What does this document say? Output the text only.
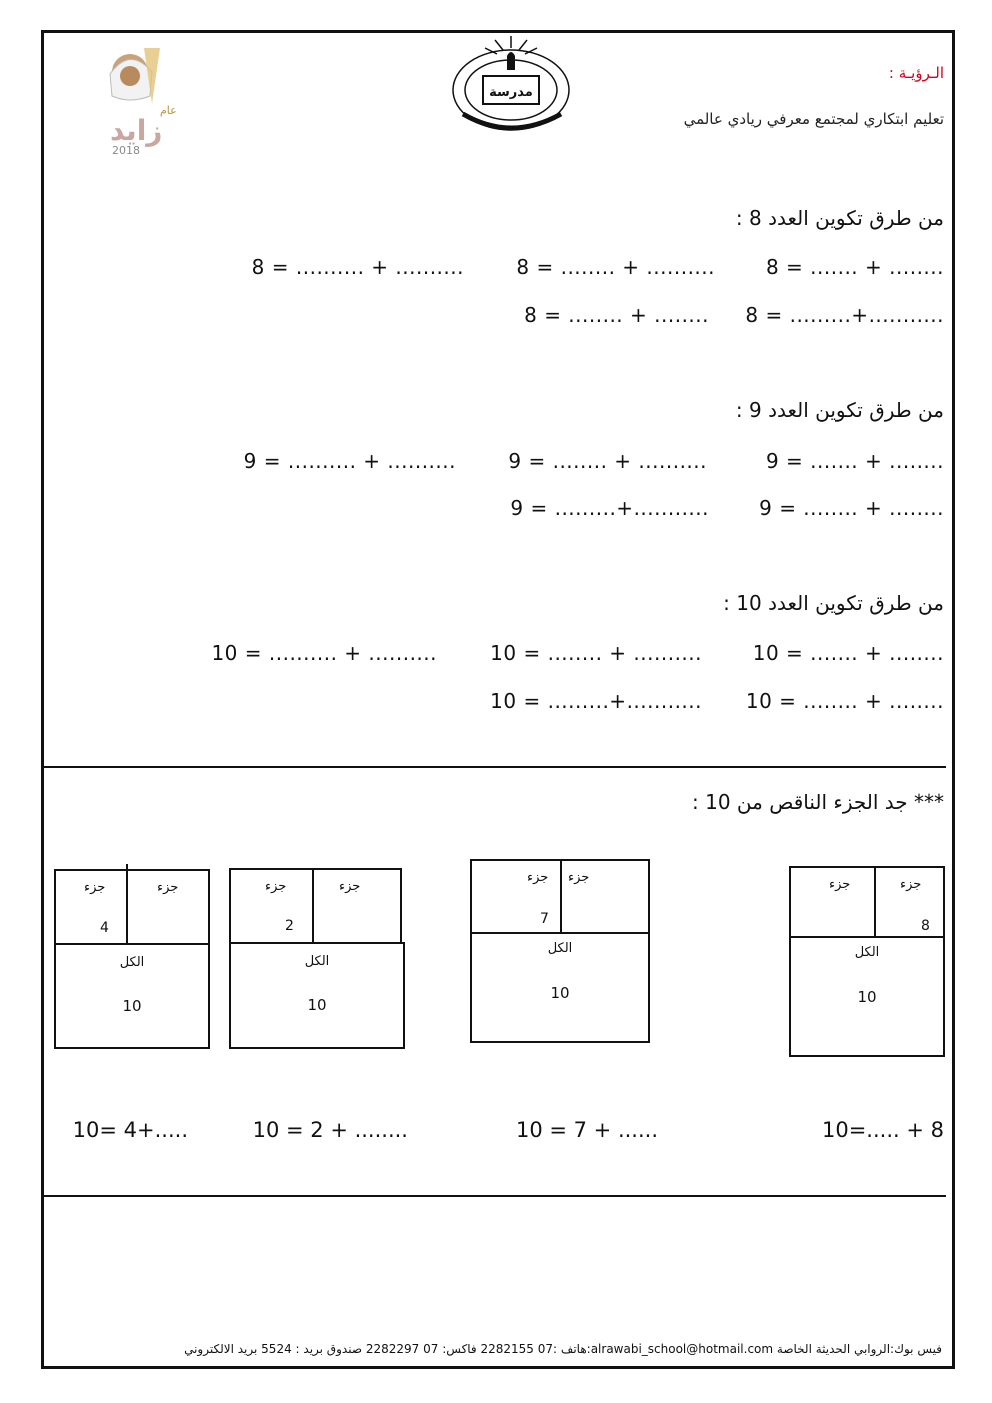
عام
زايد
2018
مدرسة
الـرؤيـة :
تعليم ابتكاري لمجتمع معرفي ريادي عالمي
من طرق تكوين العدد 8 :
8 = ....... + ........
8 = ........ + ..........
8 = .......... + ..........
8 = .........+...........
8 = ........ + ........
من طرق تكوين العدد 9 :
9 = ....... + ........
9 = ........ + ..........
9 = .......... + ..........
9 = ........ + ........
9 = .........+...........
من طرق تكوين العدد 10 :
10 = ....... + ........
10 = ........ + ..........
10 = .......... + ..........
10 = ........ + ........
10 = .........+...........
*** جد الجزء الناقص من 10 :
جزء
جزء
8
الكل
10
جزء
جزء
7
الكل
10
جزء
جزء
2
الكل
10
جزء
جزء
4
الكل
10
10=..... + 8
10 = 7 + ......
10 = 2 + ........
10= 4+.....
هاتف :07 2282155 فاكس: 07 2282297 صندوق بريد : 5524 بريد الالكتروني:alrawabi_school@hotmail.com فيس بوك:الروابي الحديثة الخاصة
